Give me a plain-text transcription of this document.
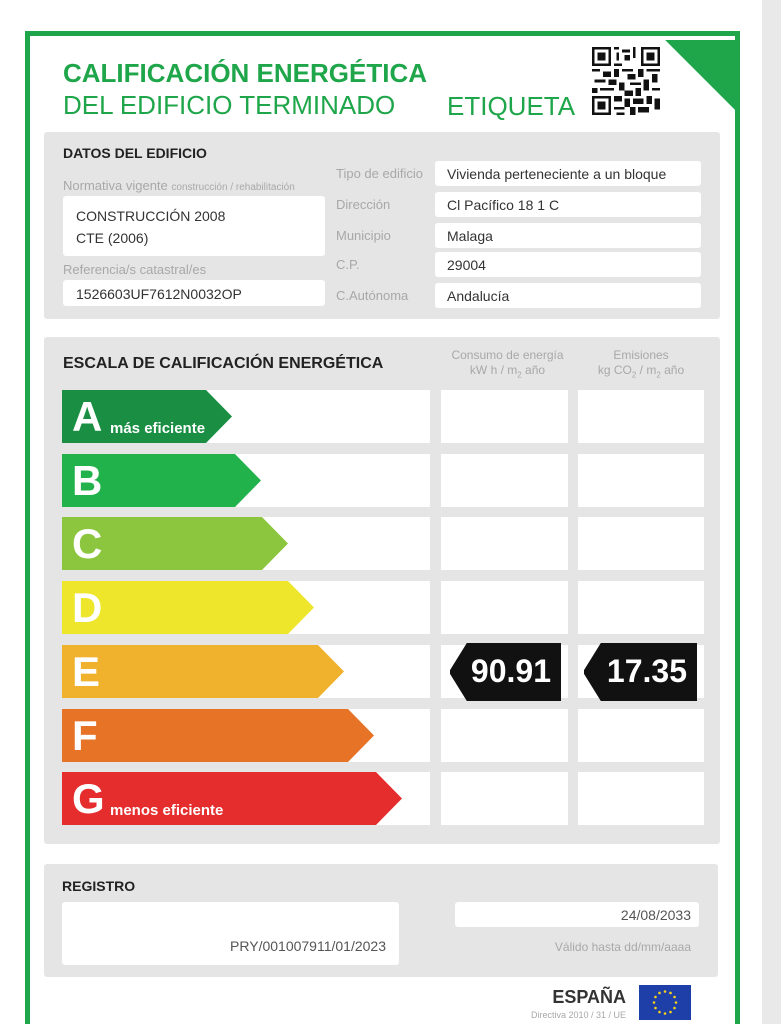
CALIFICACIÓN ENERGÉTICA
DEL EDIFICIO TERMINADO ETIQUETA
DATOS DEL EDIFICIO
Normativa vigente construcción / rehabilitación
CONSTRUCCIÓN 2008
CTE (2006)
Referencia/s catastral/es
1526603UF7612N0032OP
Tipo de edificio Vivienda perteneciente a un bloque
Dirección	Cl Pacífico 18 1 C
Municipio	Malaga
C.P.	29004
C.Autónoma	Andalucía
ESCALA DE CALIFICACIÓN ENERGÉTICA	Consumo de energía
kW h / $m_2$ año
Emisiones
kg $CO_2 / m_2$ año
A más eficiente
B
C
D
E	90.91	17.35
F
G menos eficiente
REGISTRO
PRY/001007911/01/2023
24/08/2033
Válido hasta dd/mm/aaaa
ESPAÑA
Directiva 2010 / 31 / UE
